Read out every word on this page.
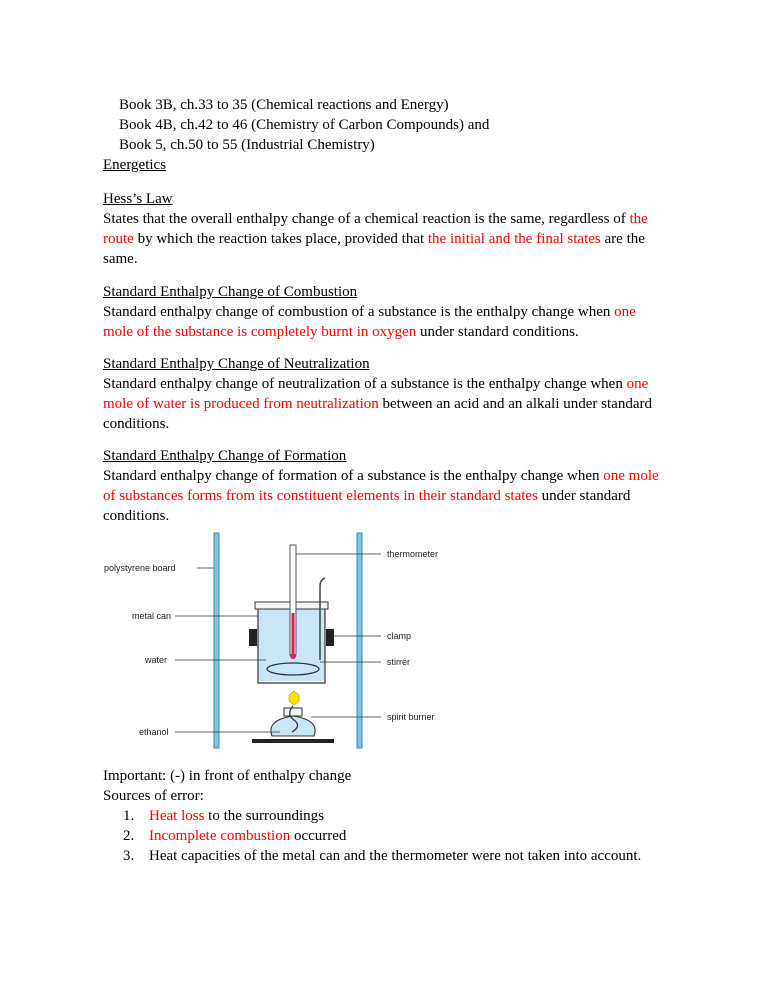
Book 3B, ch.33 to 35 (Chemical reactions and Energy)
Book 4B, ch.42 to 46 (Chemistry of Carbon Compounds) and
Book 5, ch.50 to 55 (Industrial Chemistry)
Energetics
Hess’s Law
States that the overall enthalpy change of a chemical reaction is the same, regardless of the
route by which the reaction takes place, provided that the initial and the final states are the
same.
Standard Enthalpy Change of Combustion
Standard enthalpy change of combustion of a substance is the enthalpy change when one
mole of the substance is completely burnt in oxygen under standard conditions.
Standard Enthalpy Change of Neutralization
Standard enthalpy change of neutralization of a substance is the enthalpy change when one
mole of water is produced from neutralization between an acid and an alkali under standard
conditions.
Standard Enthalpy Change of Formation
Standard enthalpy change of formation of a substance is the enthalpy change when one mole
of substances forms from its constituent elements in their standard states under standard
conditions.
polystyrene board
metal can
water
ethanol
thermometer
clamp
stirrer
spirit burner
Important: (-) in front of enthalpy change
Sources of error:
1. Heat loss to the surroundings
2. Incomplete combustion occurred
3. Heat capacities of the metal can and the thermometer were not taken into account.
